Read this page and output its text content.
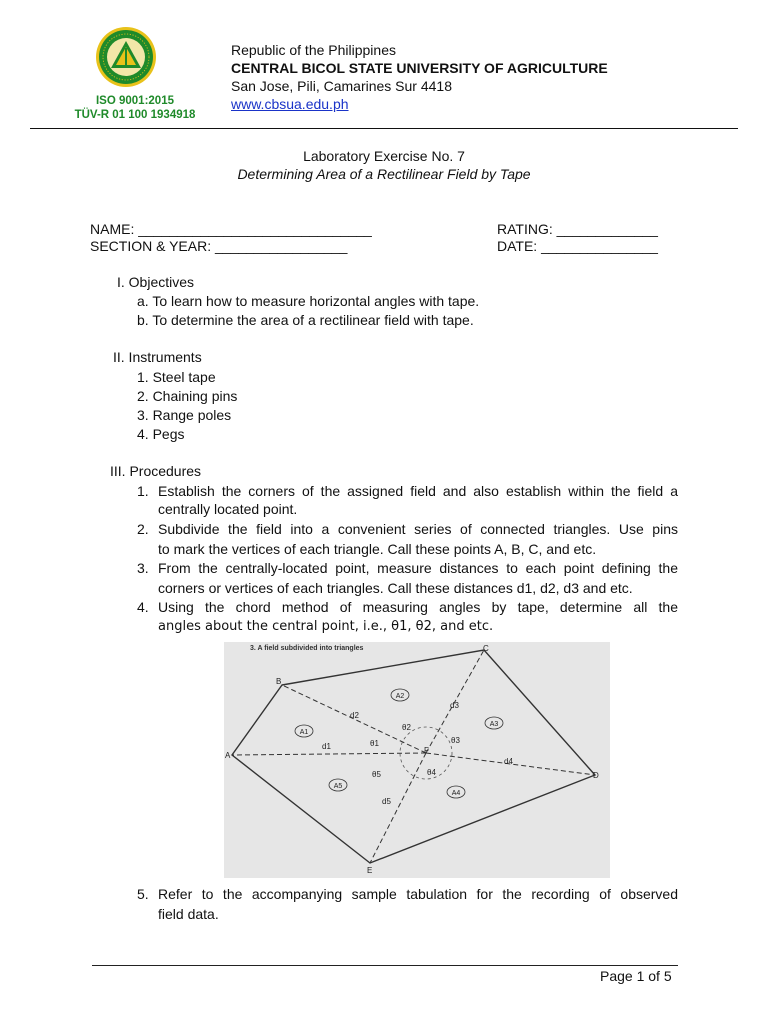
ISO 9001:2015
TÜV-R 01 100 1934918
Republic of the Philippines
CENTRAL BICOL STATE UNIVERSITY OF AGRICULTURE
San Jose, Pili, Camarines Sur 4418
www.cbsua.edu.ph
Laboratory Exercise No. 7
Determining Area of a Rectilinear Field by Tape
NAME: ______________________________	RATING: _____________
SECTION & YEAR: _________________	DATE: _______________
I. Objectives
a. To learn how to measure horizontal angles with tape.
b. To determine the area of a rectilinear field with tape.
II. Instruments
1. Steel tape
2. Chaining pins
3. Range poles
4. Pegs
III. Procedures
1. Establish the corners of the assigned field and also establish within the field a
centrally located point.
2. Subdivide the field into a convenient series of connected triangles. Use pins
to mark the vertices of each triangle. Call these points A, B, C, and etc.
3. From the centrally-located point, measure distances to each point defining the
corners or vertices of each triangles. Call these distances d1, d2, d3 and etc.
4. Using the chord method of measuring angles by tape, determine all the
angles about the central point, i.e., θ1, θ2, and etc.
3. A field subdivided into triangles
A
B
C
D
E
F
d1
d2
d3
d4
d5
θ1
θ2
θ3
θ4
θ5
A1
A2
A3
A4
A5
5. Refer to the accompanying sample tabulation for the recording of observed
field data.
Page 1 of 5
